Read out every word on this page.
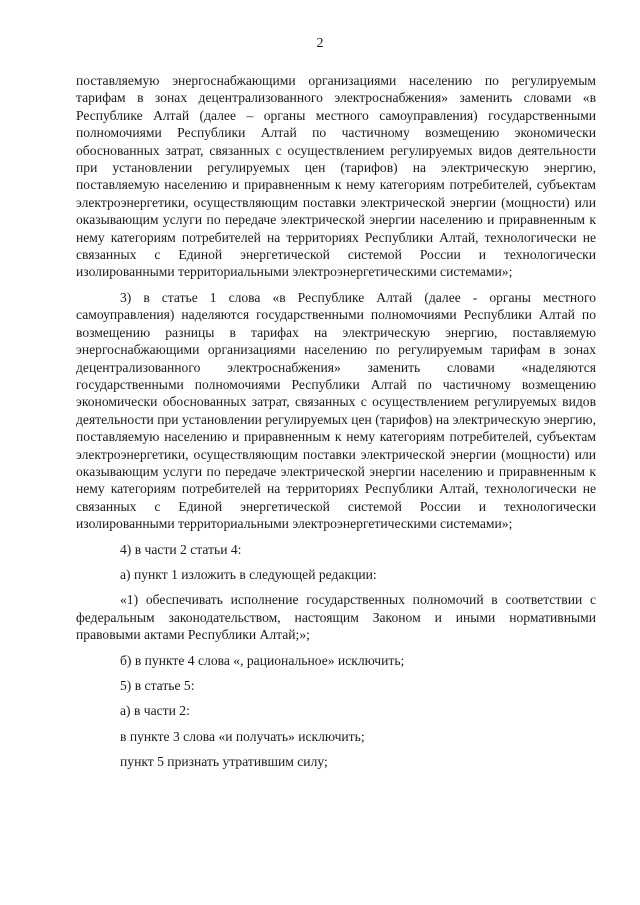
2

поставляемую энергоснабжающими организациями населению по регулируемым тарифам в зонах децентрализованного электроснабжения» заменить словами «в Республике Алтай (далее – органы местного самоуправления) государственными полномочиями Республики Алтай по частичному возмещению экономически обоснованных затрат, связанных с осуществлением регулируемых видов деятельности при установлении регулируемых цен (тарифов) на электрическую энергию, поставляемую населению и приравненным к нему категориям потребителей, субъектам электроэнергетики, осуществляющим поставки электрической энергии (мощности) или оказывающим услуги по передаче электрической энергии населению и приравненным к нему категориям потребителей на территориях Республики Алтай, технологически не связанных с Единой энергетической системой России и технологически изолированными территориальными электроэнергетическими системами»;

3) в статье 1 слова «в Республике Алтай (далее - органы местного самоуправления) наделяются государственными полномочиями Республики Алтай по возмещению разницы в тарифах на электрическую энергию, поставляемую энергоснабжающими организациями населению по регулируемым тарифам в зонах децентрализованного электроснабжения» заменить словами «наделяются государственными полномочиями Республики Алтай по частичному возмещению экономически обоснованных затрат, связанных с осуществлением регулируемых видов деятельности при установлении регулируемых цен (тарифов) на электрическую энергию, поставляемую населению и приравненным к нему категориям потребителей, субъектам электроэнергетики, осуществляющим поставки электрической энергии (мощности) или оказывающим услуги по передаче электрической энергии населению и приравненным к нему категориям потребителей на территориях Республики Алтай, технологически не связанных с Единой энергетической системой России и технологически изолированными территориальными электроэнергетическими системами»;

4) в части 2 статьи 4:

а) пункт 1 изложить в следующей редакции:

«1) обеспечивать исполнение государственных полномочий в соответствии с федеральным законодательством, настоящим Законом и иными нормативными правовыми актами Республики Алтай;»;

б) в пункте 4 слова «, рациональное» исключить;

5) в статье 5:

а) в части 2:

в пункте 3 слова «и получать» исключить;

пункт 5 признать утратившим силу;
